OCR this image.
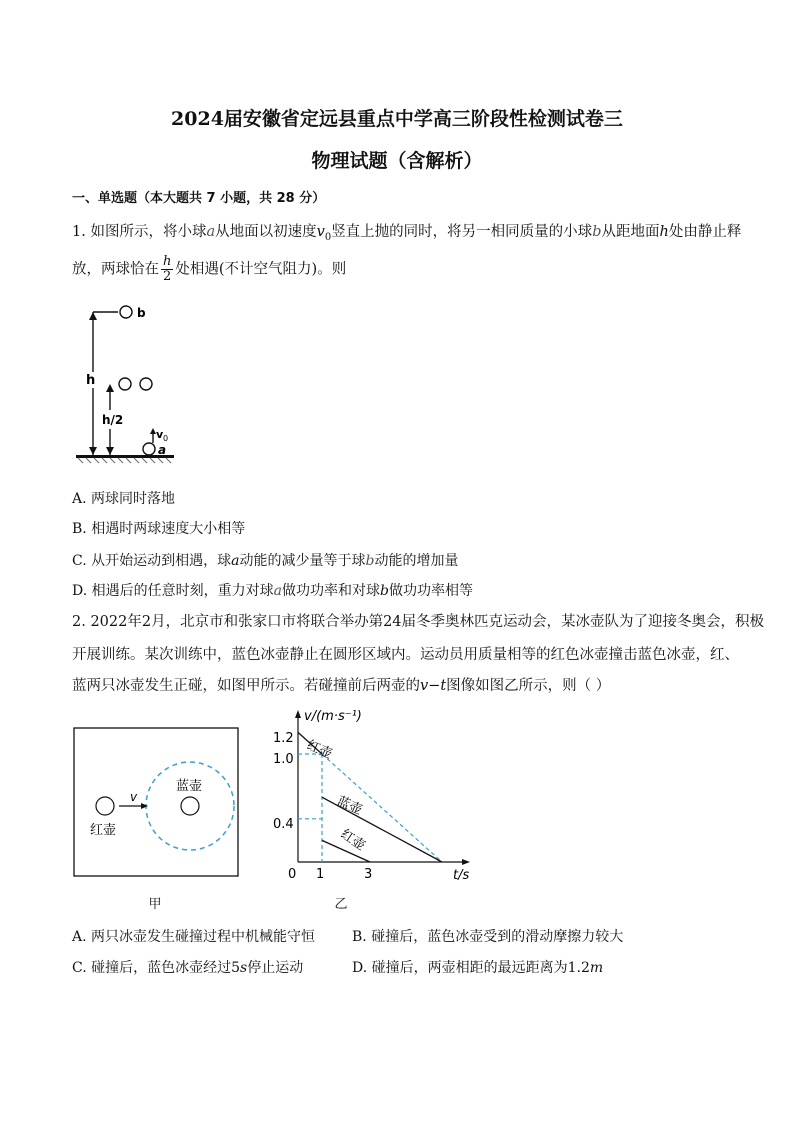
2024届安徽省定远县重点中学高三阶段性检测试卷三
物理试题（含解析）
一、单选题（本大题共 7 小题，共 28 分）
1. 如图所示，将小球a从地面以初速度$v_0$竖直上抛的同时，将另一相同质量的小球b从距地面h处由静止释
放，两球恰在 $\frac{h}{2}$ 处相遇(不计空气阻力)。则
b
h
h/2
v 0
a
A. 两球同时落地
B. 相遇时两球速度大小相等
C. 从开始运动到相遇，球a动能的减少量等于球b动能的增加量
D. 相遇后的任意时刻，重力对球a做功功率和对球b做功功率相等
2. 2022年2月，北京市和张家口市将联合举办第24届冬季奥林匹克运动会，某冰壶队为了迎接冬奥会，积极
开展训练。某次训练中，蓝色冰壶静止在圆形区域内。运动员用质量相等的红色冰壶撞击蓝色冰壶，红、
蓝两只冰壶发生正碰，如图甲所示。若碰撞前后两壶的v−t图像如图乙所示，则（ ）
v
蓝壶
红壶
甲
v/(m·s⁻¹)
t/s
0 1	3
0.4
1.0
1.2 红壶
蓝壶
红壶
乙
A. 两只冰壶发生碰撞过程中机械能守恒	B. 碰撞后，蓝色冰壶受到的滑动摩擦力较大
C. 碰撞后，蓝色冰壶经过5s停止运动	D. 碰撞后，两壶相距的最远距离为1.2m
